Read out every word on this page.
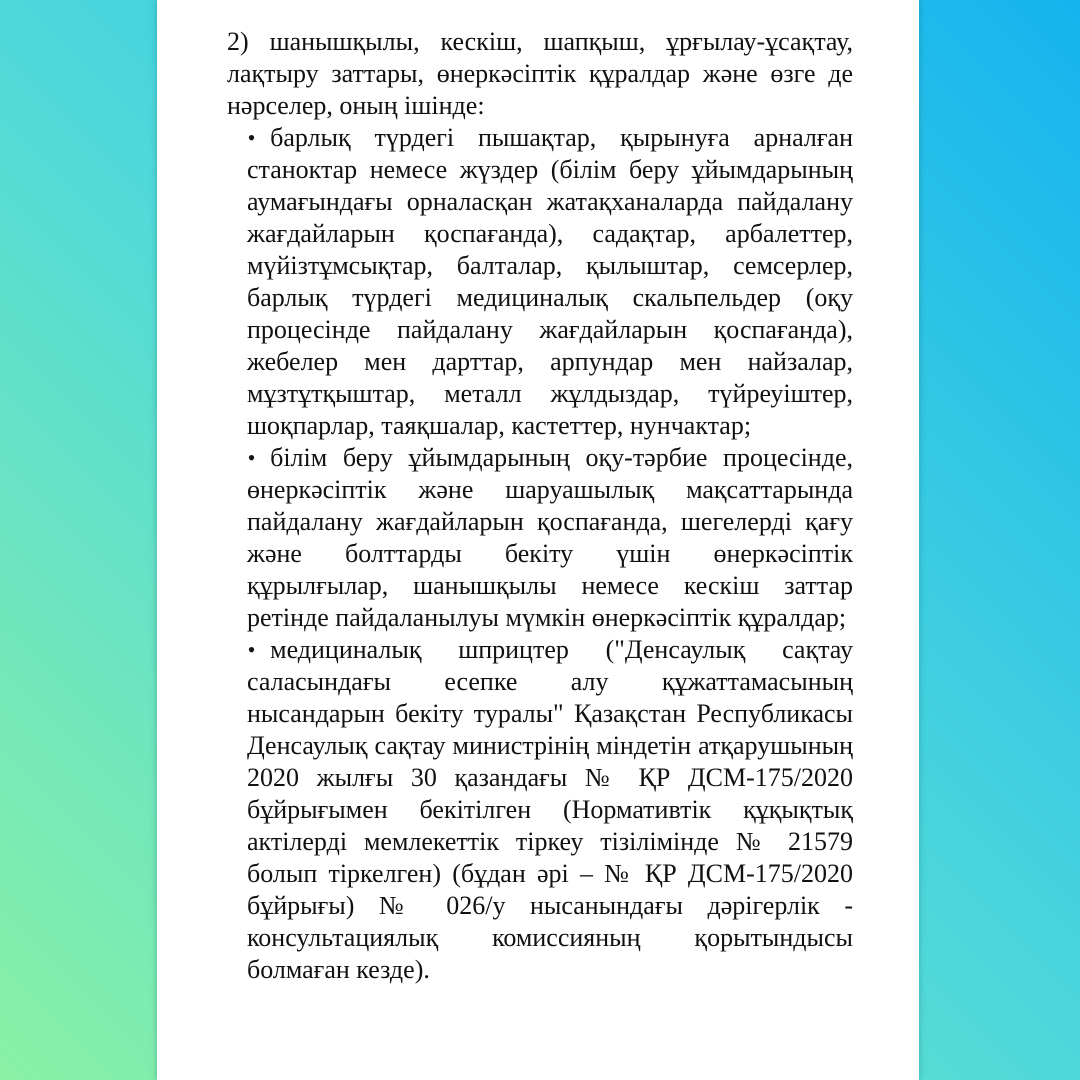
2) шанышқылы, кескіш, шапқыш, ұрғылау-ұсақтау, лақтыру заттары, өнеркәсіптік құралдар және өзге де нәрселер, оның ішінде:

• барлық түрдегі пышақтар, қырынуға арналған станоктар немесе жүздер (білім беру ұйымдарының аумағындағы орналасқан жатақханаларда пайдалану жағдайларын қоспағанда), садақтар, арбалеттер, мүйізтұмсықтар, балталар, қылыштар, семсерлер, барлық түрдегі медициналық скальпельдер (оқу процесінде пайдалану жағдайларын қоспағанда), жебелер мен дарттар, арпундар мен найзалар, мұзтұтқыштар, металл жұлдыздар, түйреуіштер, шоқпарлар, таяқшалар, кастеттер, нунчактар;
• білім беру ұйымдарының оқу-тәрбие процесінде, өнеркәсіптік және шаруашылық мақсаттарында пайдалану жағдайларын қоспағанда, шегелерді қағу және болттарды бекіту үшін өнеркәсіптік құрылғылар, шанышқылы немесе кескіш заттар ретінде пайдаланылуы мүмкін өнеркәсіптік құралдар;
• медициналық шприцтер ("Денсаулық сақтау саласындағы есепке алу құжаттамасының нысандарын бекіту туралы" Қазақстан Республикасы Денсаулық сақтау министрінің міндетін атқарушының 2020 жылғы 30 қазандағы № ҚР ДСМ-175/2020 бұйрығымен бекітілген (Нормативтік құқықтық актілерді мемлекеттік тіркеу тізілімінде № 21579 болып тіркелген) (бұдан әрі – № ҚР ДСМ-175/2020 бұйрығы) № 026/у нысанындағы дәрігерлік - консультациялық комиссияның қорытындысы болмаған кезде).
